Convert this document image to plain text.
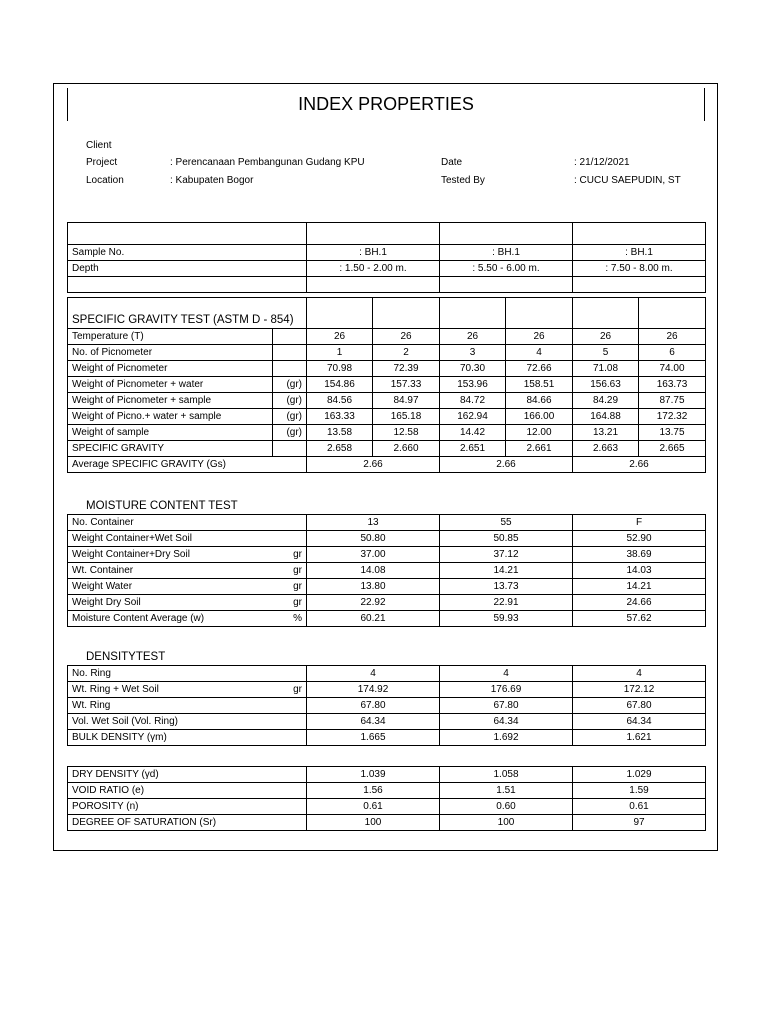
INDEX PROPERTIES
Client
Project	: Perencanaan Pembangunan Gudang KPU
Location	: Kabupaten Bogor
Date	: 21/12/2021
Tested By	: CUCU SAEPUDIN, ST

Sample No.	: BH.1	: BH.1	: BH.1
Depth	: 1.50 - 2.00 m.	: 5.50 - 6.00 m.	: 7.50 - 8.00 m.

SPECIFIC GRAVITY TEST (ASTM D - 854)							
Temperature (T)		26	26	26	26	26	26
No. of Picnometer		1	2	3	4	5	6
Weight of Picnometer		70.98	72.39	70.30	72.66	71.08	74.00
Weight of Picnometer + water	(gr)	154.86	157.33	153.96	158.51	156.63	163.73
Weight of Picnometer + sample	(gr)	84.56	84.97	84.72	84.66	84.29	87.75
Weight of Picno.+ water + sample	(gr)	163.33	165.18	162.94	166.00	164.88	172.32
Weight of sample	(gr)	13.58	12.58	14.42	12.00	13.21	13.75
SPECIFIC GRAVITY		2.658	2.660	2.651	2.661	2.663	2.665
Average SPECIFIC GRAVITY (Gs)		2.66		2.66		2.66	
MOISTURE CONTENT TEST
No. Container		13	55	F
Weight Container+Wet Soil		50.80	50.85	52.90
Weight Container+Dry Soil	gr	37.00	37.12	38.69
Wt. Container	gr	14.08	14.21	14.03
Weight Water	gr	13.80	13.73	14.21
Weight Dry Soil	gr	22.92	22.91	24.66
Moisture Content Average (w)	%	60.21	59.93	57.62
DENSITYTEST
No. Ring		4	4	4
Wt. Ring + Wet Soil	gr	174.92	176.69	172.12
Wt. Ring		67.80	67.80	67.80
Vol. Wet Soil (Vol. Ring)		64.34	64.34	64.34
BULK DENSITY (γm)		1.665	1.692	1.621
DRY DENSITY (γd)	1.039	1.058	1.029
VOID RATIO (e)	1.56	1.51	1.59
POROSITY (n)	0.61	0.60	0.61
DEGREE OF SATURATION (Sr)	100	100	97
